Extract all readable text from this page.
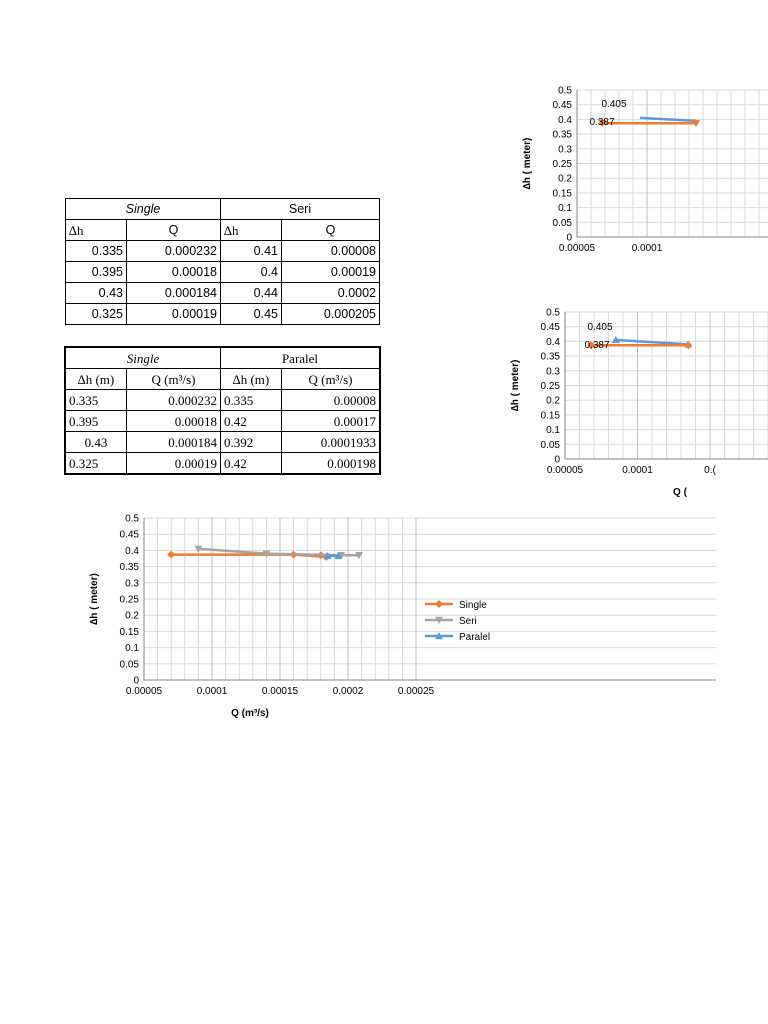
Single		Seri	
∆h	Q	∆h	Q
0.335	0.000232	0.41	0.00008
0.395	0.00018	0.4	0.00019
0.43	0.000184	0.44	0.0002
0.325	0.00019	0.45	0.000205
Single		Paralel	
∆h (m)	Q (m³/s)	∆h (m)	Q (m³/s)
0.335	0.000232	0.335	0.00008
0.395	0.00018	0.42	0.00017
0.43	0.000184	0.392	0.0001933
0.325	0.00019	0.42	0.000198
0
0.05
0.1
0.15
0.2
0.25
0.3
0.35
0.4
0.45
0.5
0.00005	0.0001
∆h ( meter)
0.405
0.387
0
0.05
0.1
0.15
0.2
0.25
0.3
0.35
0.4
0.45
0.5
0.00005	0.0001	0.(
∆h ( meter)
Q (
0.405
0.387
0
0.05
0.1
0.15
0.2
0.25
0.3
0.35
0.4
0.45
0.5
0.00005	0.0001	0.00015	0.0002	0.00025
∆h ( meter)
Q (m³/s)
Single
Seri
Paralel
